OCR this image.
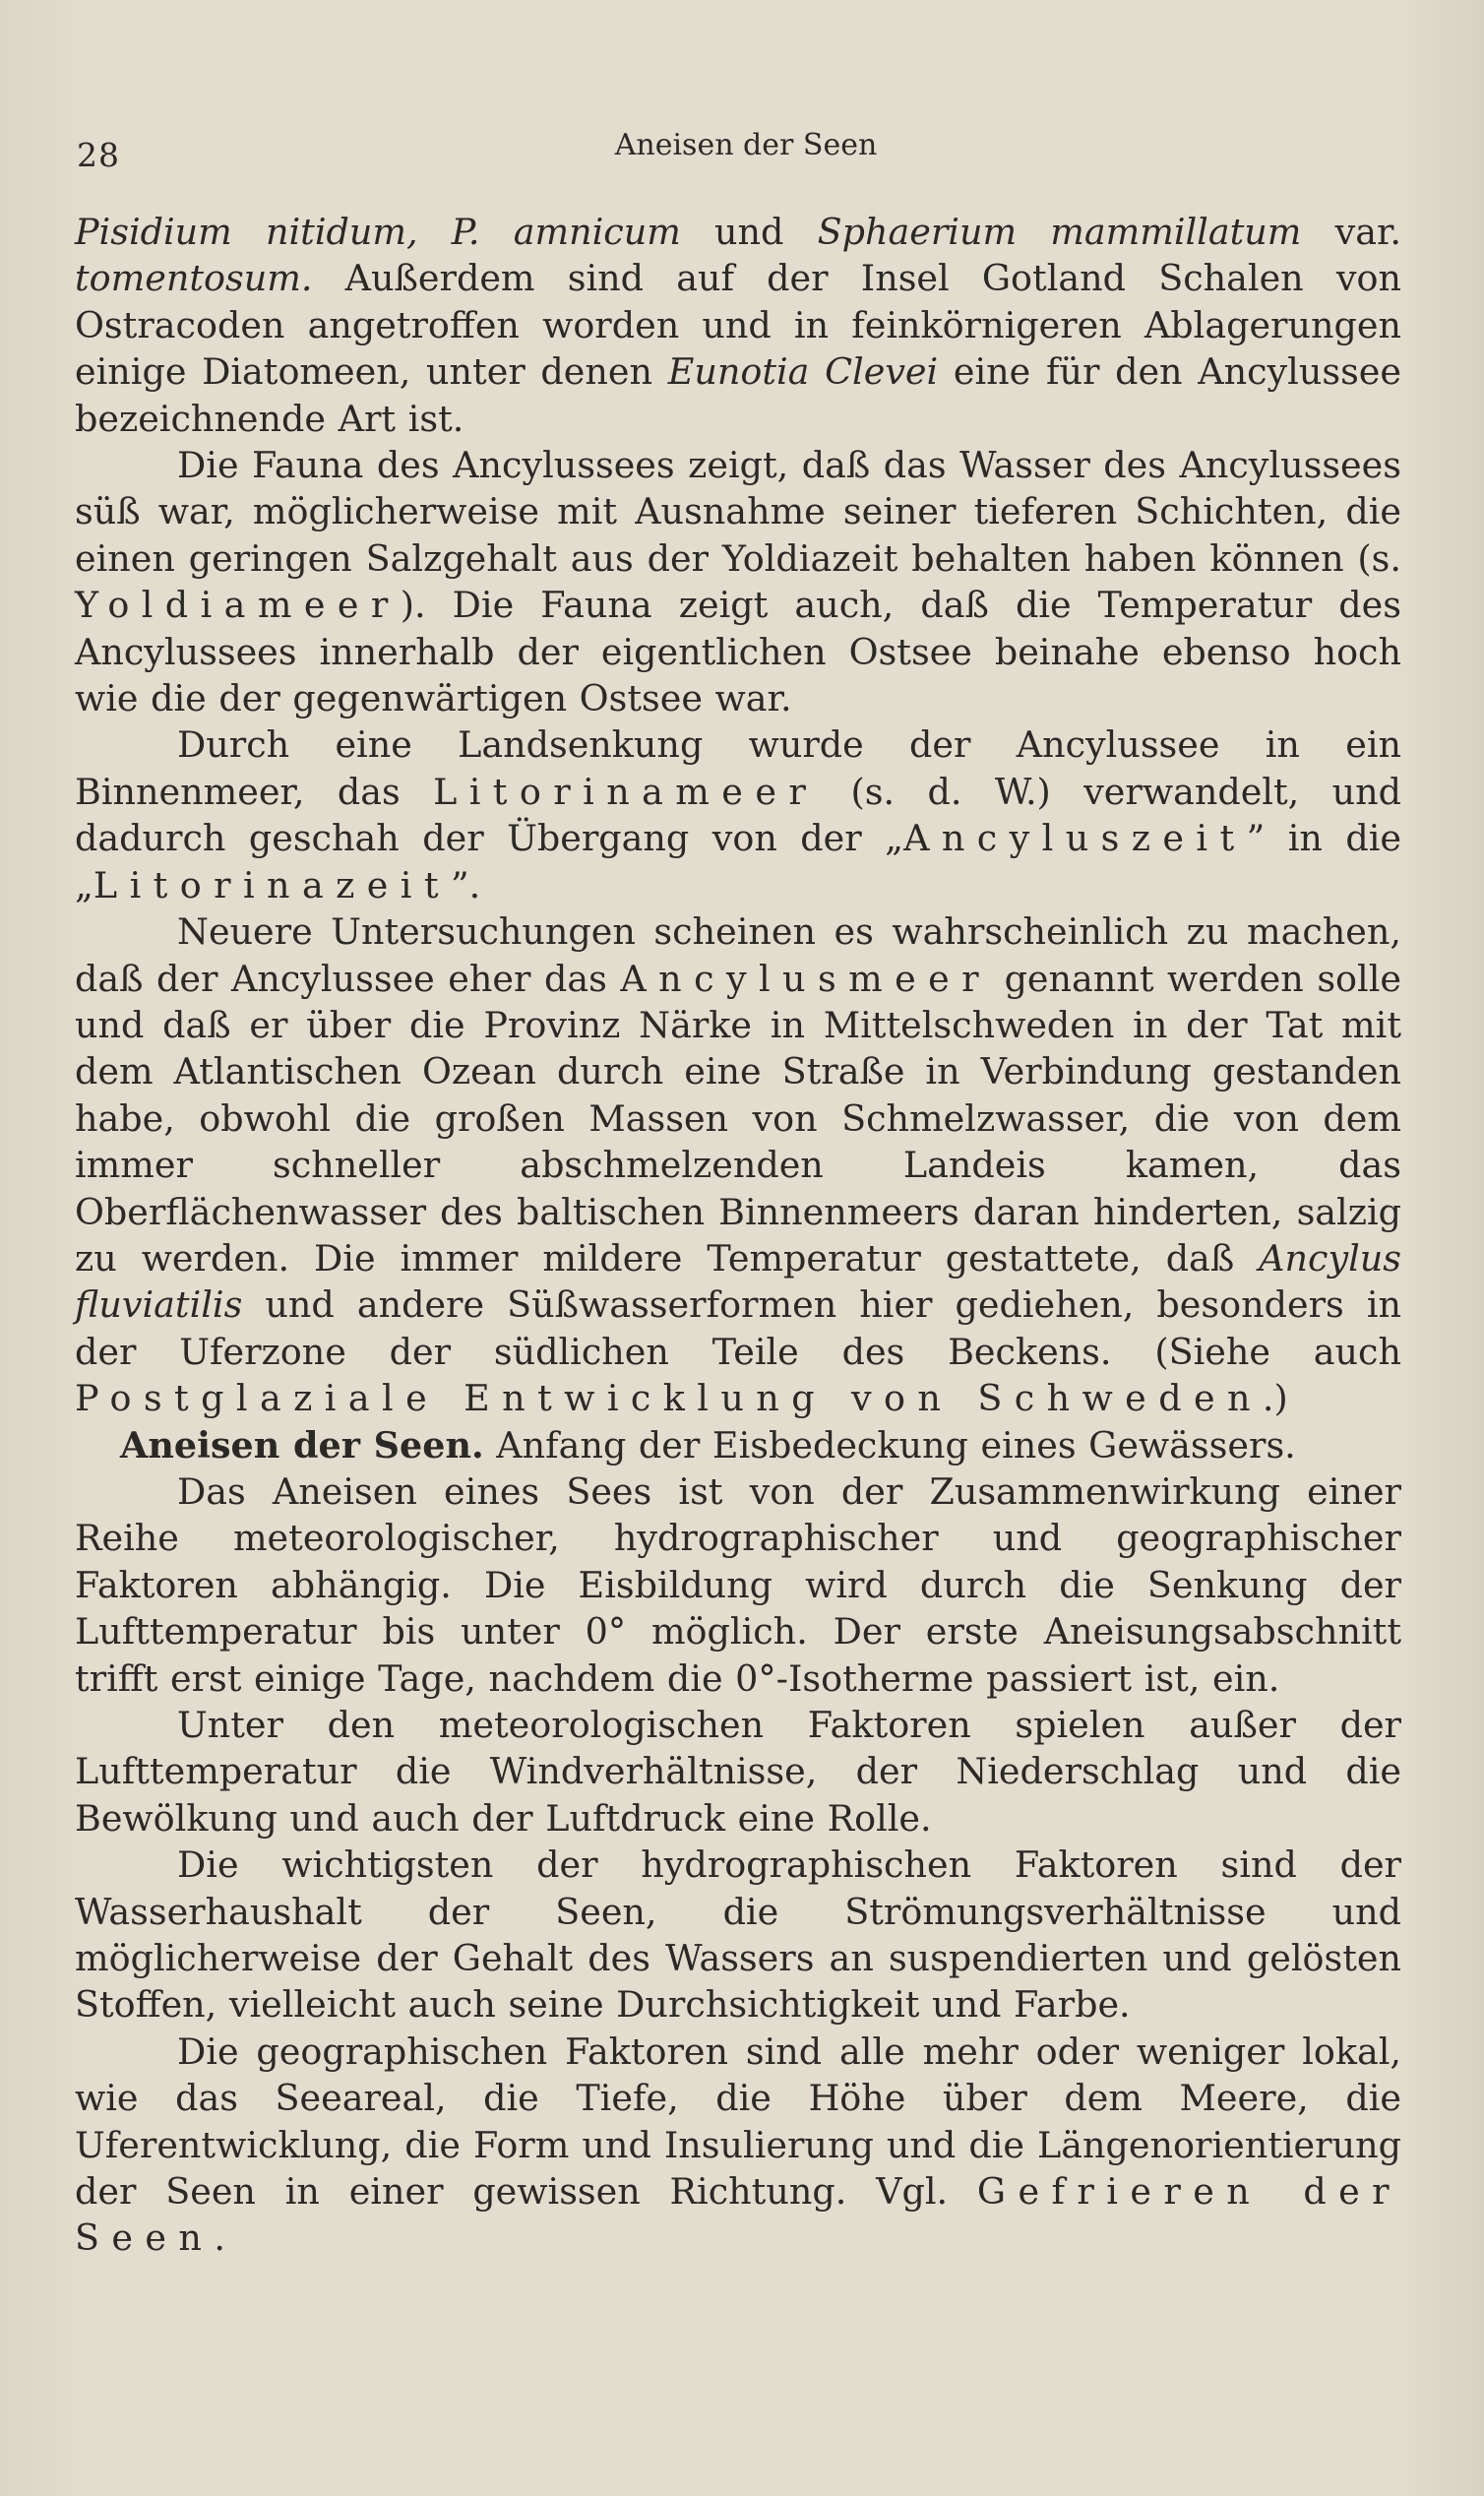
28	Aneisen der Seen

Pisidium nitidum, P. amnicum und Sphaerium mammillatum var. tomentosum. Außerdem sind auf der Insel Gotland Schalen von Ostracoden angetroffen worden und in feinkörnigeren Ablagerungen einige Diatomeen, unter denen Eunotia Clevei eine für den Ancylussee bezeichnende Art ist.

Die Fauna des Ancylussees zeigt, daß das Wasser des Ancylussees süß war, möglicherweise mit Ausnahme seiner tieferen Schichten, die einen geringen Salzgehalt aus der Yoldiazeit behalten haben können (s. Yoldiameer). Die Fauna zeigt auch, daß die Temperatur des Ancylussees innerhalb der eigentlichen Ostsee beinahe ebenso hoch wie die der gegenwärtigen Ostsee war.

Durch eine Landsenkung wurde der Ancylussee in ein Binnenmeer, das Litorinameer (s. d. W.) verwandelt, und dadurch geschah der Übergang von der „Ancyluszeit” in die „Litorinazeit”.

Neuere Untersuchungen scheinen es wahrscheinlich zu machen, daß der Ancylussee eher das Ancylusmeer genannt werden solle und daß er über die Provinz Närke in Mittelschweden in der Tat mit dem Atlantischen Ozean durch eine Straße in Verbindung gestanden habe, obwohl die großen Massen von Schmelzwasser, die von dem immer schneller abschmelzenden Landeis kamen, das Oberflächenwasser des baltischen Binnenmeers daran hinderten, salzig zu werden. Die immer mildere Temperatur gestattete, daß Ancylus fluviatilis und andere Süßwasserformen hier gediehen, besonders in der Uferzone der südlichen Teile des Beckens. (Siehe auch Postglaziale Entwicklung von Schweden.)

Aneisen der Seen. Anfang der Eisbedeckung eines Gewässers.

Das Aneisen eines Sees ist von der Zusammenwirkung einer Reihe meteorologischer, hydrographischer und geographischer Faktoren abhängig. Die Eisbildung wird durch die Senkung der Lufttemperatur bis unter 0° möglich. Der erste Aneisungsabschnitt trifft erst einige Tage, nachdem die 0°-Isotherme passiert ist, ein.

Unter den meteorologischen Faktoren spielen außer der Lufttemperatur die Windverhältnisse, der Niederschlag und die Bewölkung und auch der Luftdruck eine Rolle.

Die wichtigsten der hydrographischen Faktoren sind der Wasserhaushalt der Seen, die Strömungsverhältnisse und möglicherweise der Gehalt des Wassers an suspendierten und gelösten Stoffen, vielleicht auch seine Durchsichtigkeit und Farbe.

Die geographischen Faktoren sind alle mehr oder weniger lokal, wie das Seeareal, die Tiefe, die Höhe über dem Meere, die Uferentwicklung, die Form und Insulierung und die Längenorientierung der Seen in einer gewissen Richtung. Vgl. Gefrieren der Seen.
